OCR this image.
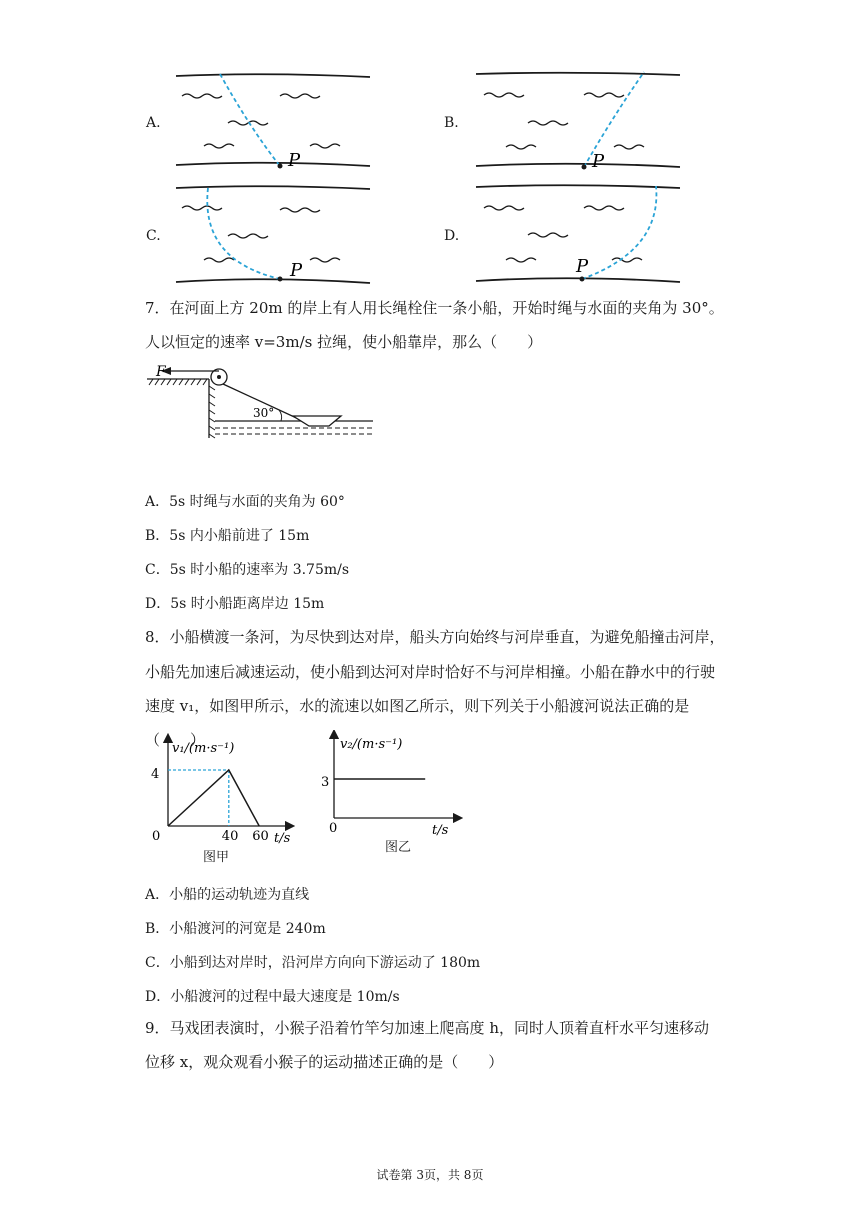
A.	B.
C.	D.
P	P
P	P
7．在河面上方 20m 的岸上有人用长绳栓住一条小船，开始时绳与水面的夹角为 30°。
人以恒定的速率 v=3m/s 拉绳，使小船靠岸，那么（　　）
F
30°
A．5s 时绳与水面的夹角为 60°
B．5s 内小船前进了 15m
C．5s 时小船的速率为 3.75m/s
D．5s 时小船距离岸边 15m
8．小船横渡一条河，为尽快到达对岸，船头方向始终与河岸垂直，为避免船撞击河岸，
小船先加速后减速运动，使小船到达河对岸时恰好不与河岸相撞。小船在静水中的行驶
速度 v₁，如图甲所示，水的流速以如图乙所示，则下列关于小船渡河说法正确的是（　　）
v₁/(m·s⁻¹)
4
0	40 60 t/s
图甲
v₂/(m·s⁻¹)
3
0	t/s
图乙
A．小船的运动轨迹为直线
B．小船渡河的河宽是 240m
C．小船到达对岸时，沿河岸方向向下游运动了 180m
D．小船渡河的过程中最大速度是 10m/s
9．马戏团表演时，小猴子沿着竹竿匀加速上爬高度 h，同时人顶着直杆水平匀速移动
位移 x，观众观看小猴子的运动描述正确的是（　　）
试卷第 3页，共 8页
